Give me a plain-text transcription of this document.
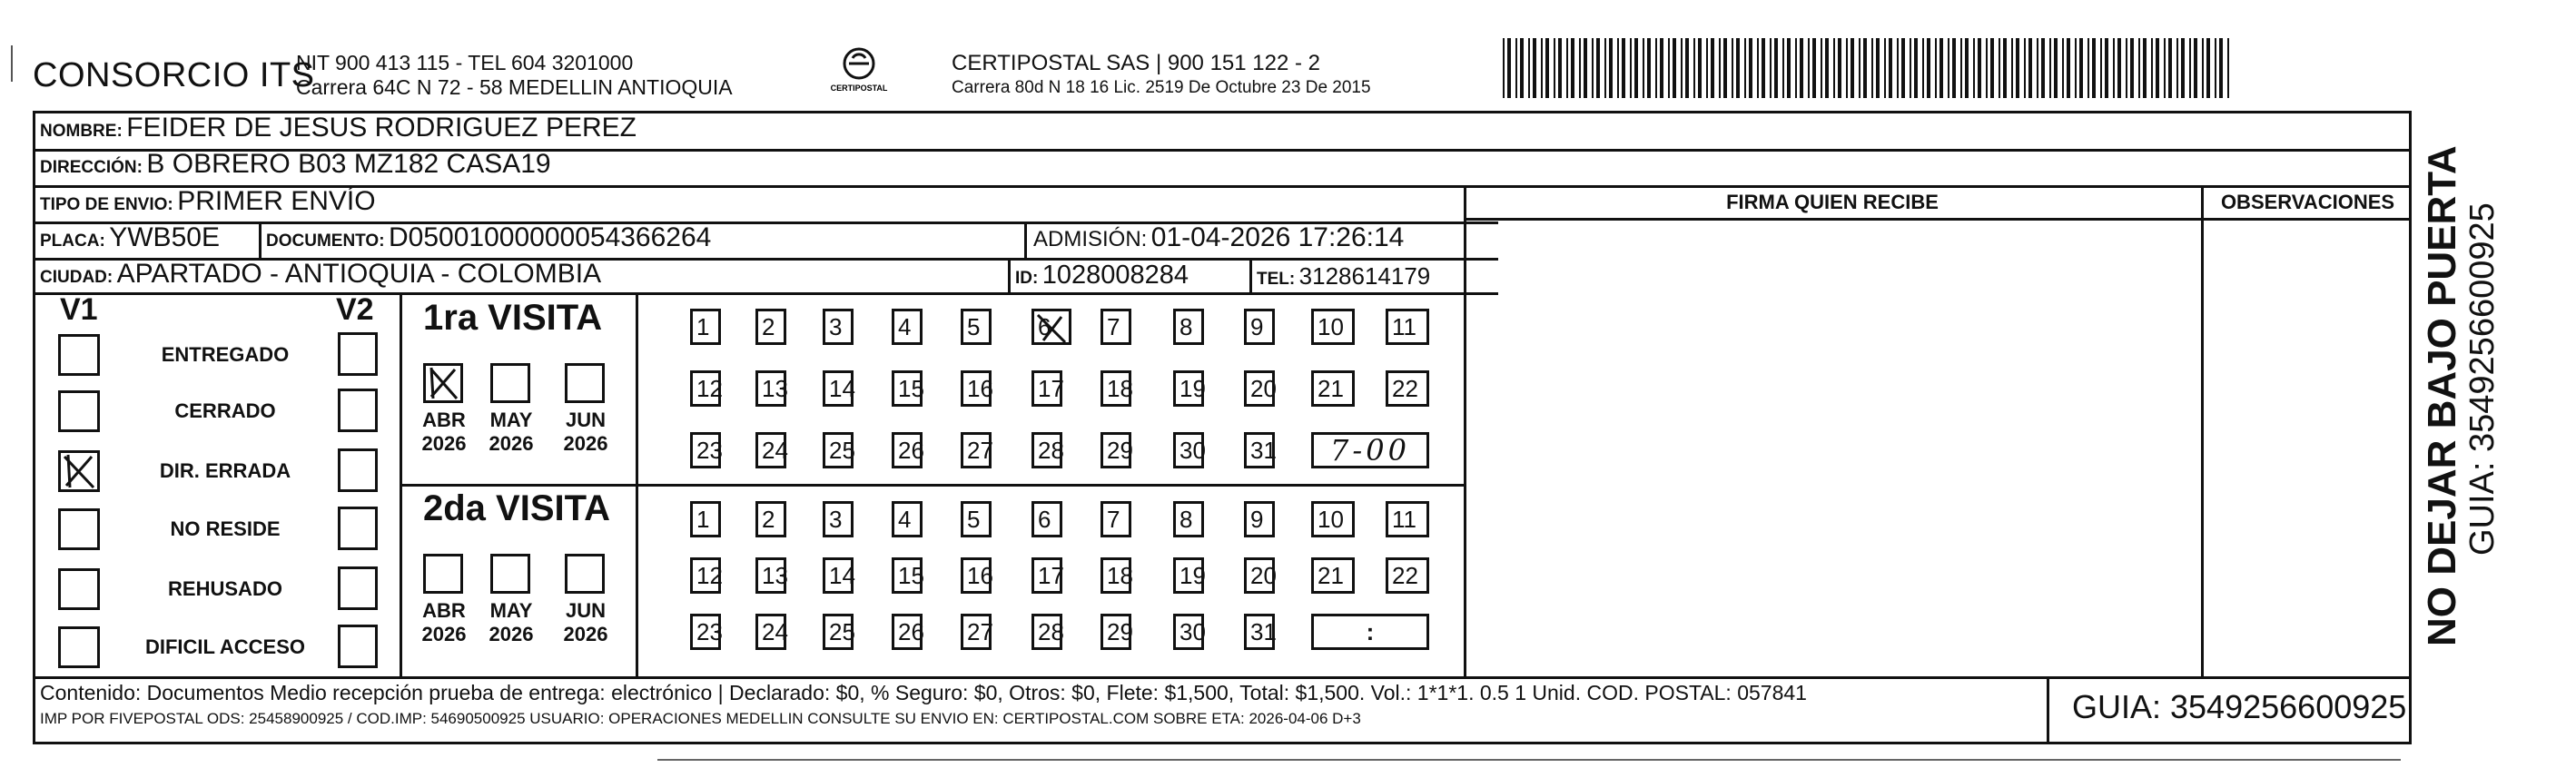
CONSORCIO ITS
NIT 900 413 115 - TEL 604 3201000
Carrera 64C N 72 - 58 MEDELLIN ANTIOQUIA	CERTIPOSTAL
CERTIPOSTAL SAS | 900 151 122 - 2
Carrera 80d N 18 16 Lic. 2519 De Octubre 23 De 2015
NOMBRE: FEIDER DE JESUS RODRIGUEZ PEREZ
DIRECCIÓN: B OBRERO B03 MZ182 CASA19
TIPO DE ENVIO: PRIMER ENVÍO
PLACA: YWB50E	DOCUMENTO: D05001000000054366264	ADMISIÓN: 01-04-2026 17:26:14
CIUDAD: APARTADO - ANTIOQUIA - COLOMBIA	ID: 1028008284	TEL: 3128614179
FIRMA QUIEN RECIBE	OBSERVACIONES
V1	V2
ENTREGADO
CERRADO
DIR. ERRADA
NO RESIDE
REHUSADO
DIFICIL ACCESO
1ra VISITA
2da VISITA
ABR
2026
MAY
2026
JUN
2026
1	2	3	4	5	6	7	8	9	10	11
12 13 14 15 16 17 18 19 20 21	22
23 24 25 26 27 28 29 30 31	7-00
ABR
2026
MAY
2026
JUN
2026
1	2	3	4	5	6	7	8	9	10	11
12 13 14 15 16 17 18 19 20 21	22
23 24 25 26 27 28 29 30 31	:
Contenido: Documentos Medio recepción prueba de entrega: electrónico | Declarado: $0, % Seguro: $0, Otros: $0, Flete: $1,500, Total: $1,500. Vol.: 1*1*1. 0.5 1 Unid. COD. POSTAL: 057841
IMP POR FIVEPOSTAL ODS: 25458900925 / COD.IMP: 54690500925 USUARIO: OPERACIONES MEDELLIN CONSULTE SU ENVIO EN: CERTIPOSTAL.COM SOBRE ETA: 2026-04-06 D+3	GUIA: 3549256600925
NO DEJAR BAJO PUERTA GUIA: 3549256600925
